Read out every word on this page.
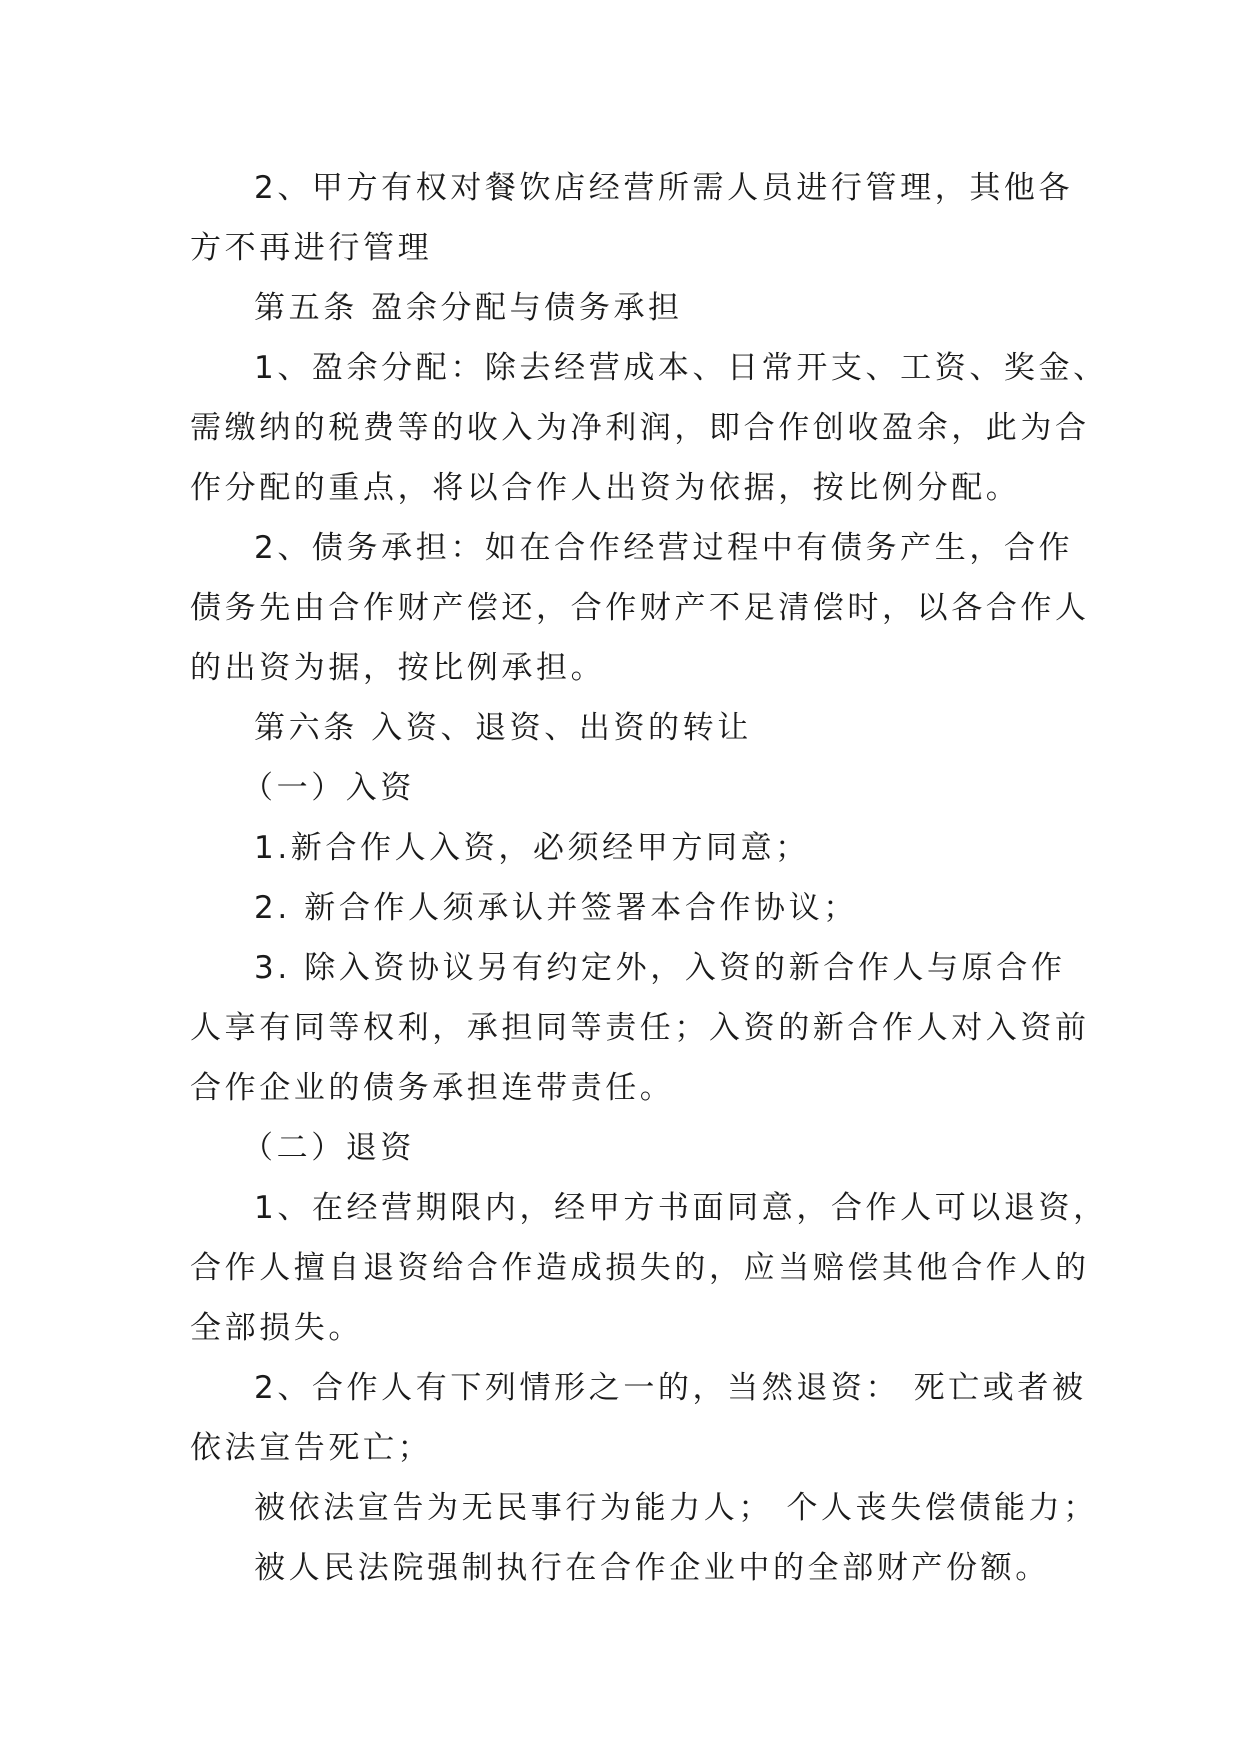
2、甲方有权对餐饮店经营所需人员进行管理，其他各
方不再进行管理
第五条 盈余分配与债务承担
1、盈余分配：除去经营成本、日常开支、工资、奖金、
需缴纳的税费等的收入为净利润，即合作创收盈余，此为合
作分配的重点，将以合作人出资为依据，按比例分配。
2、债务承担：如在合作经营过程中有债务产生，合作
债务先由合作财产偿还，合作财产不足清偿时，以各合作人
的出资为据，按比例承担。
第六条 入资、退资、出资的转让
（一）入资
1.新合作人入资，必须经甲方同意；
2. 新合作人须承认并签署本合作协议；
3. 除入资协议另有约定外，入资的新合作人与原合作
人享有同等权利，承担同等责任；入资的新合作人对入资前
合作企业的债务承担连带责任。
（二）退资
1、在经营期限内，经甲方书面同意，合作人可以退资，
合作人擅自退资给合作造成损失的，应当赔偿其他合作人的
全部损失。
2、合作人有下列情形之一的，当然退资： 死亡或者被
依法宣告死亡；
被依法宣告为无民事行为能力人； 个人丧失偿债能力；
被人民法院强制执行在合作企业中的全部财产份额。
